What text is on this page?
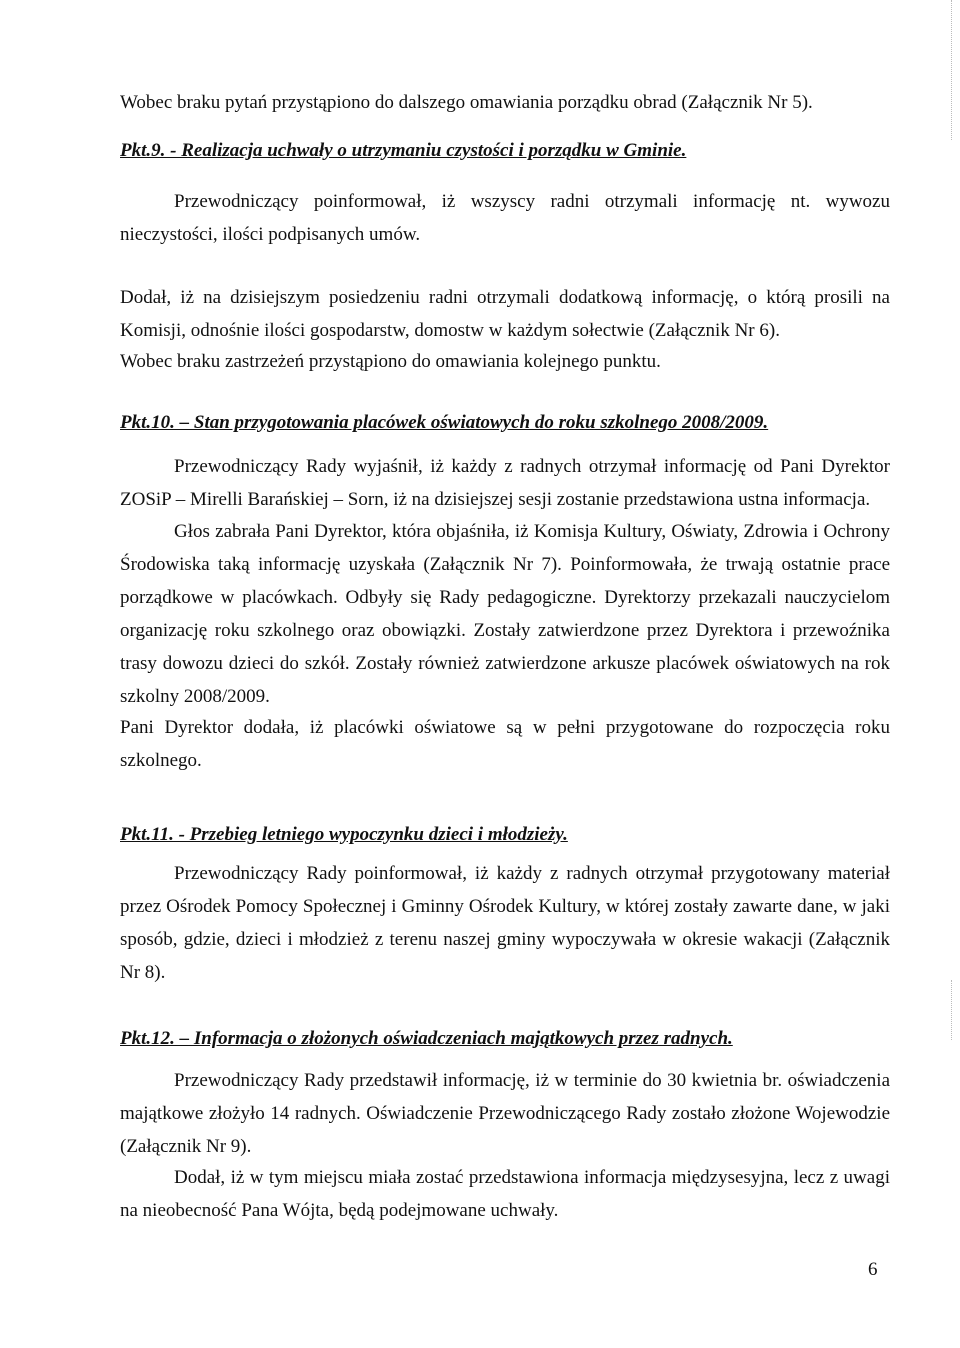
Wobec braku pytań przystąpiono do dalszego omawiania porządku obrad (Załącznik Nr 5).

Pkt.9. - Realizacja uchwały o utrzymaniu czystości i porządku w Gminie.

Przewodniczący poinformował, iż wszyscy radni otrzymali informację nt. wywozu nieczystości, ilości podpisanych umów.

Dodał, iż na dzisiejszym posiedzeniu radni otrzymali dodatkową informację, o którą prosili na Komisji, odnośnie ilości gospodarstw, domostw w każdym sołectwie (Załącznik Nr 6).

Wobec braku zastrzeżeń przystąpiono do omawiania kolejnego punktu.

Pkt.10. – Stan przygotowania placówek oświatowych do roku szkolnego 2008/2009.

Przewodniczący Rady wyjaśnił, iż każdy z radnych otrzymał informację od Pani Dyrektor ZOSiP – Mirelli Barańskiej – Sorn, iż na dzisiejszej sesji zostanie przedstawiona ustna informacja.

Głos zabrała Pani Dyrektor, która objaśniła, iż Komisja Kultury, Oświaty, Zdrowia i Ochrony Środowiska taką informację uzyskała (Załącznik Nr 7). Poinformowała, że trwają ostatnie prace porządkowe w placówkach. Odbyły się Rady pedagogiczne. Dyrektorzy przekazali nauczycielom organizację roku szkolnego oraz obowiązki. Zostały zatwierdzone przez Dyrektora i przewoźnika trasy dowozu dzieci do szkół. Zostały również zatwierdzone arkusze placówek oświatowych na rok szkolny 2008/2009.

Pani Dyrektor dodała, iż placówki oświatowe są w pełni przygotowane do rozpoczęcia roku szkolnego.

Pkt.11. - Przebieg letniego wypoczynku dzieci i młodzieży.

Przewodniczący Rady poinformował, iż każdy z radnych otrzymał przygotowany materiał przez Ośrodek Pomocy Społecznej i Gminny Ośrodek Kultury, w której zostały zawarte dane, w jaki sposób, gdzie, dzieci i młodzież z terenu naszej gminy wypoczywała w okresie wakacji (Załącznik Nr 8).

Pkt.12. – Informacja o złożonych oświadczeniach majątkowych przez radnych.

Przewodniczący Rady przedstawił informację, iż w terminie do 30 kwietnia br. oświadczenia majątkowe złożyło 14 radnych. Oświadczenie Przewodniczącego Rady zostało złożone Wojewodzie (Załącznik Nr 9).

Dodał, iż w tym miejscu miała zostać przedstawiona informacja międzysesyjna, lecz z uwagi na nieobecność Pana Wójta, będą podejmowane uchwały.

6
